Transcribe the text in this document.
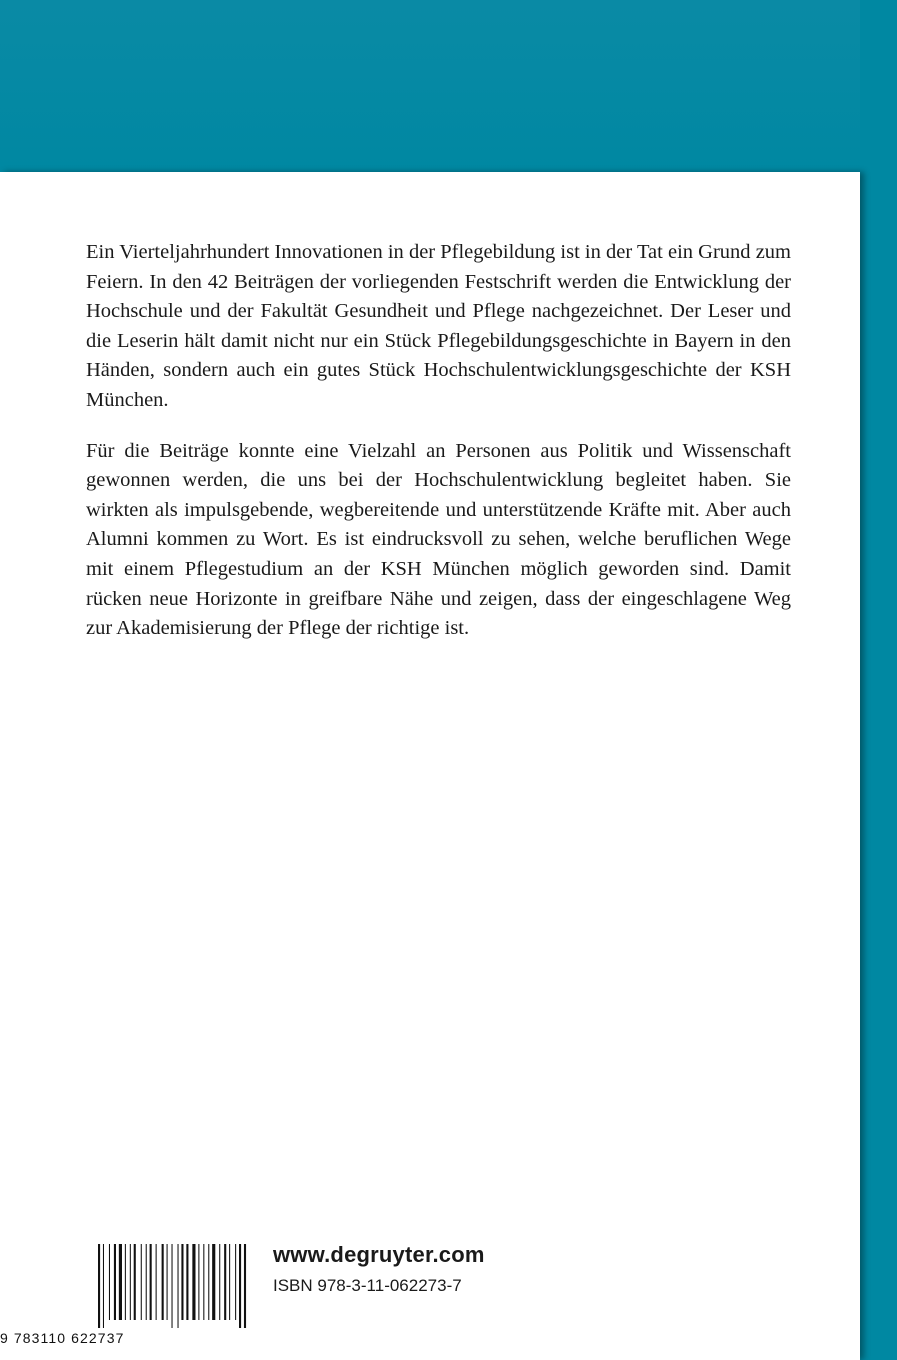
Ein Vierteljahrhundert Innovationen in der Pflegebildung ist in der Tat ein Grund zum Feiern. In den 42 Beiträgen der vorliegenden Festschrift werden die Entwicklung der Hochschule und der Fakultät Gesundheit und Pflege nachgezeichnet. Der Leser und die Leserin hält damit nicht nur ein Stück Pflegebildungsgeschichte in Bayern in den Händen, sondern auch ein gutes Stück Hochschulentwicklungsgeschichte der KSH München.

Für die Beiträge konnte eine Vielzahl an Personen aus Politik und Wissenschaft gewonnen werden, die uns bei der Hochschulentwicklung begleitet haben. Sie wirkten als impulsgebende, wegbereitende und unterstützende Kräfte mit. Aber auch Alumni kommen zu Wort. Es ist eindrucksvoll zu sehen, welche beruflichen Wege mit einem Pflegestudium an der KSH München möglich geworden sind. Damit rücken neue Horizonte in greifbare Nähe und zeigen, dass der eingeschlagene Weg zur Akademisierung der Pflege der richtige ist.

9 783110 622737
www.degruyter.com
ISBN 978-3-11-062273-7
